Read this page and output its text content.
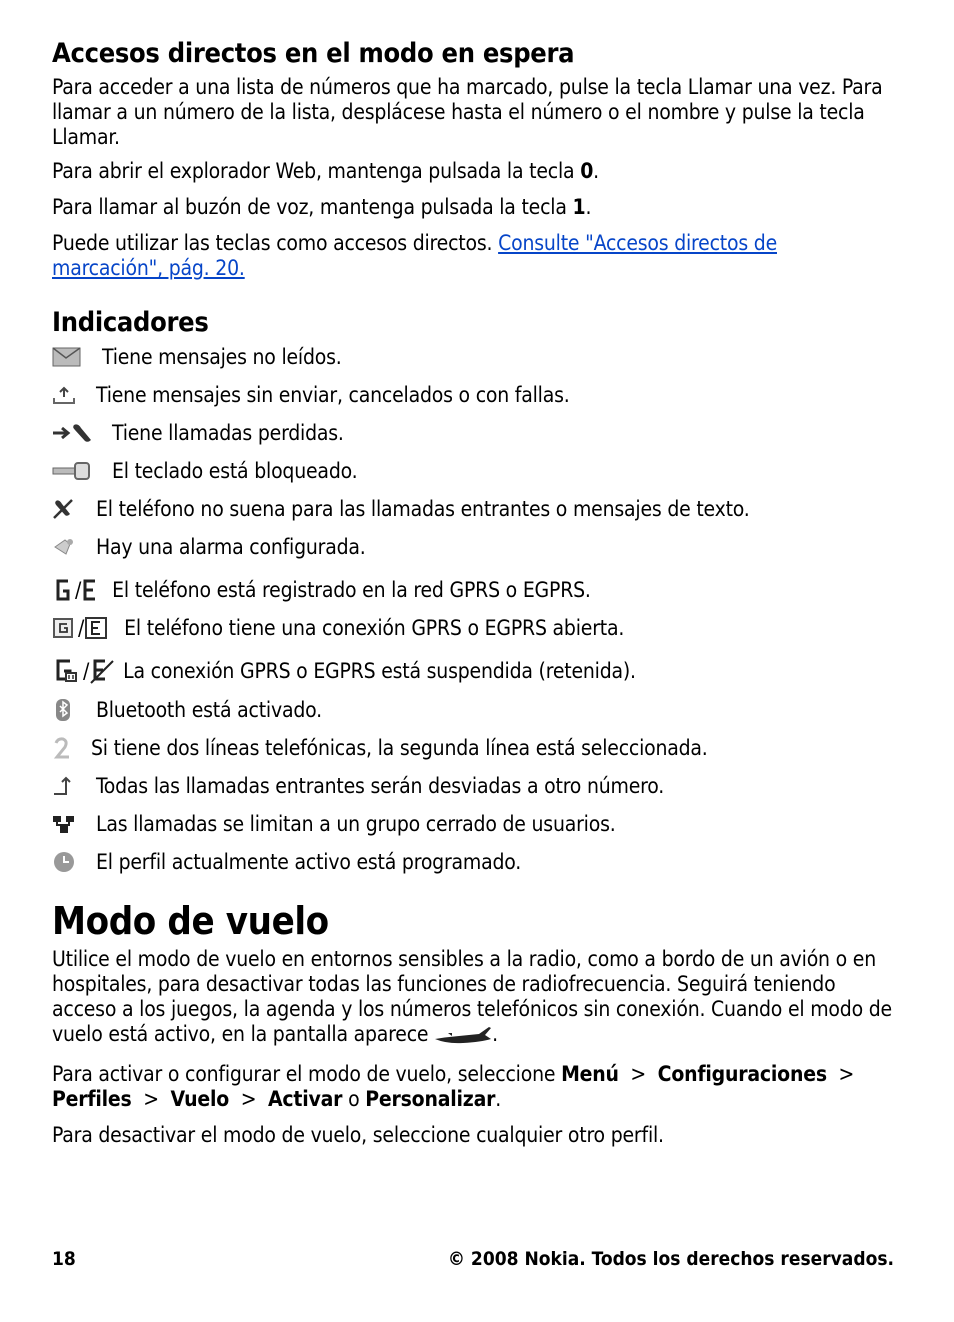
Accesos directos en el modo en espera

Para acceder a una lista de números que ha marcado, pulse la tecla Llamar una vez. Para llamar a un número de la lista, desplácese hasta el número o el nombre y pulse la tecla Llamar.

Para abrir el explorador Web, mantenga pulsada la tecla 0.

Para llamar al buzón de voz, mantenga pulsada la tecla 1.

Puede utilizar las teclas como accesos directos. Consulte "Accesos directos de marcación", pág. 20.

Indicadores
Tiene mensajes no leídos.
Tiene mensajes sin enviar, cancelados o con fallas.
Tiene llamadas perdidas.
El teclado está bloqueado.
El teléfono no suena para las llamadas entrantes o mensajes de texto.
Hay una alarma configurada.
/ El teléfono está registrado en la red GPRS o EGPRS.
/ El teléfono tiene una conexión GPRS o EGPRS abierta.
/ La conexión GPRS o EGPRS está suspendida (retenida).
Bluetooth está activado.
Si tiene dos líneas telefónicas, la segunda línea está seleccionada.
Todas las llamadas entrantes serán desviadas a otro número.
Las llamadas se limitan a un grupo cerrado de usuarios.
El perfil actualmente activo está programado.
Modo de vuelo

Utilice el modo de vuelo en entornos sensibles a la radio, como a bordo de un avión o en hospitales, para desactivar todas las funciones de radiofrecuencia. Seguirá teniendo acceso a los juegos, la agenda y los números telefónicos sin conexión. Cuando el modo de vuelo está activo, en la pantalla aparece	.

Para activar o configurar el modo de vuelo, seleccione Menú > Configuraciones > Perfiles > Vuelo > Activar o Personalizar.

Para desactivar el modo de vuelo, seleccione cualquier otro perfil.

18	© 2008 Nokia. Todos los derechos reservados.
